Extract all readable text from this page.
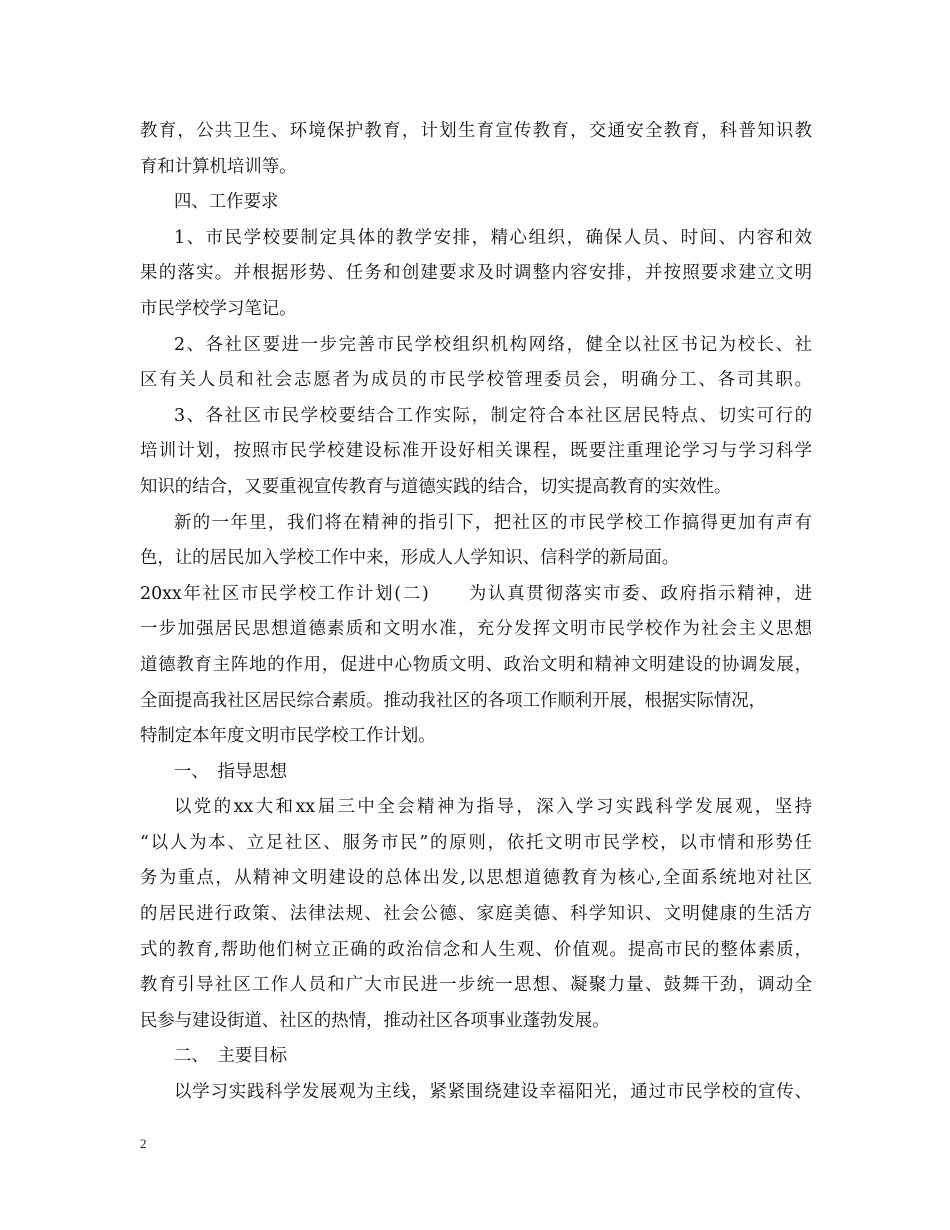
教育，公共卫生、环境保护教育，计划生育宣传教育，交通安全教育，科普知识教
育和计算机培训等。
四、工作要求
1、市民学校要制定具体的教学安排，精心组织，确保人员、时间、内容和效
果的落实。并根据形势、任务和创建要求及时调整内容安排，并按照要求建立文明
市民学校学习笔记。
2、各社区要进一步完善市民学校组织机构网络，健全以社区书记为校长、社
区有关人员和社会志愿者为成员的市民学校管理委员会，明确分工、各司其职。
3、各社区市民学校要结合工作实际，制定符合本社区居民特点、切实可行的
培训计划，按照市民学校建设标准开设好相关课程，既要注重理论学习与学习科学
知识的结合，又要重视宣传教育与道德实践的结合，切实提高教育的实效性。
新的一年里，我们将在精神的指引下，把社区的市民学校工作搞得更加有声有
色，让的居民加入学校工作中来，形成人人学知识、信科学的新局面。
20xx年社区市民学校工作计划(二)　　为认真贯彻落实市委、政府指示精神，进
一步加强居民思想道德素质和文明水准，充分发挥文明市民学校作为社会主义思想
道德教育主阵地的作用，促进中心物质文明、政治文明和精神文明建设的协调发展，
全面提高我社区居民综合素质。推动我社区的各项工作顺利开展，根据实际情况，
特制定本年度文明市民学校工作计划。
一、　指导思想
以党的xx大和xx届三中全会精神为指导，深入学习实践科学发展观，坚持
“以人为本、立足社区、服务市民”的原则，依托文明市民学校，以市情和形势任
务为重点，从精神文明建设的总体出发,以思想道德教育为核心,全面系统地对社区
的居民进行政策、法律法规、社会公德、家庭美德、科学知识、文明健康的生活方
式的教育,帮助他们树立正确的政治信念和人生观、价值观。提高市民的整体素质，
教育引导社区工作人员和广大市民进一步统一思想、凝聚力量、鼓舞干劲，调动全
民参与建设街道、社区的热情，推动社区各项事业蓬勃发展。
二、　主要目标
以学习实践科学发展观为主线，紧紧围绕建设幸福阳光，通过市民学校的宣传、
2
